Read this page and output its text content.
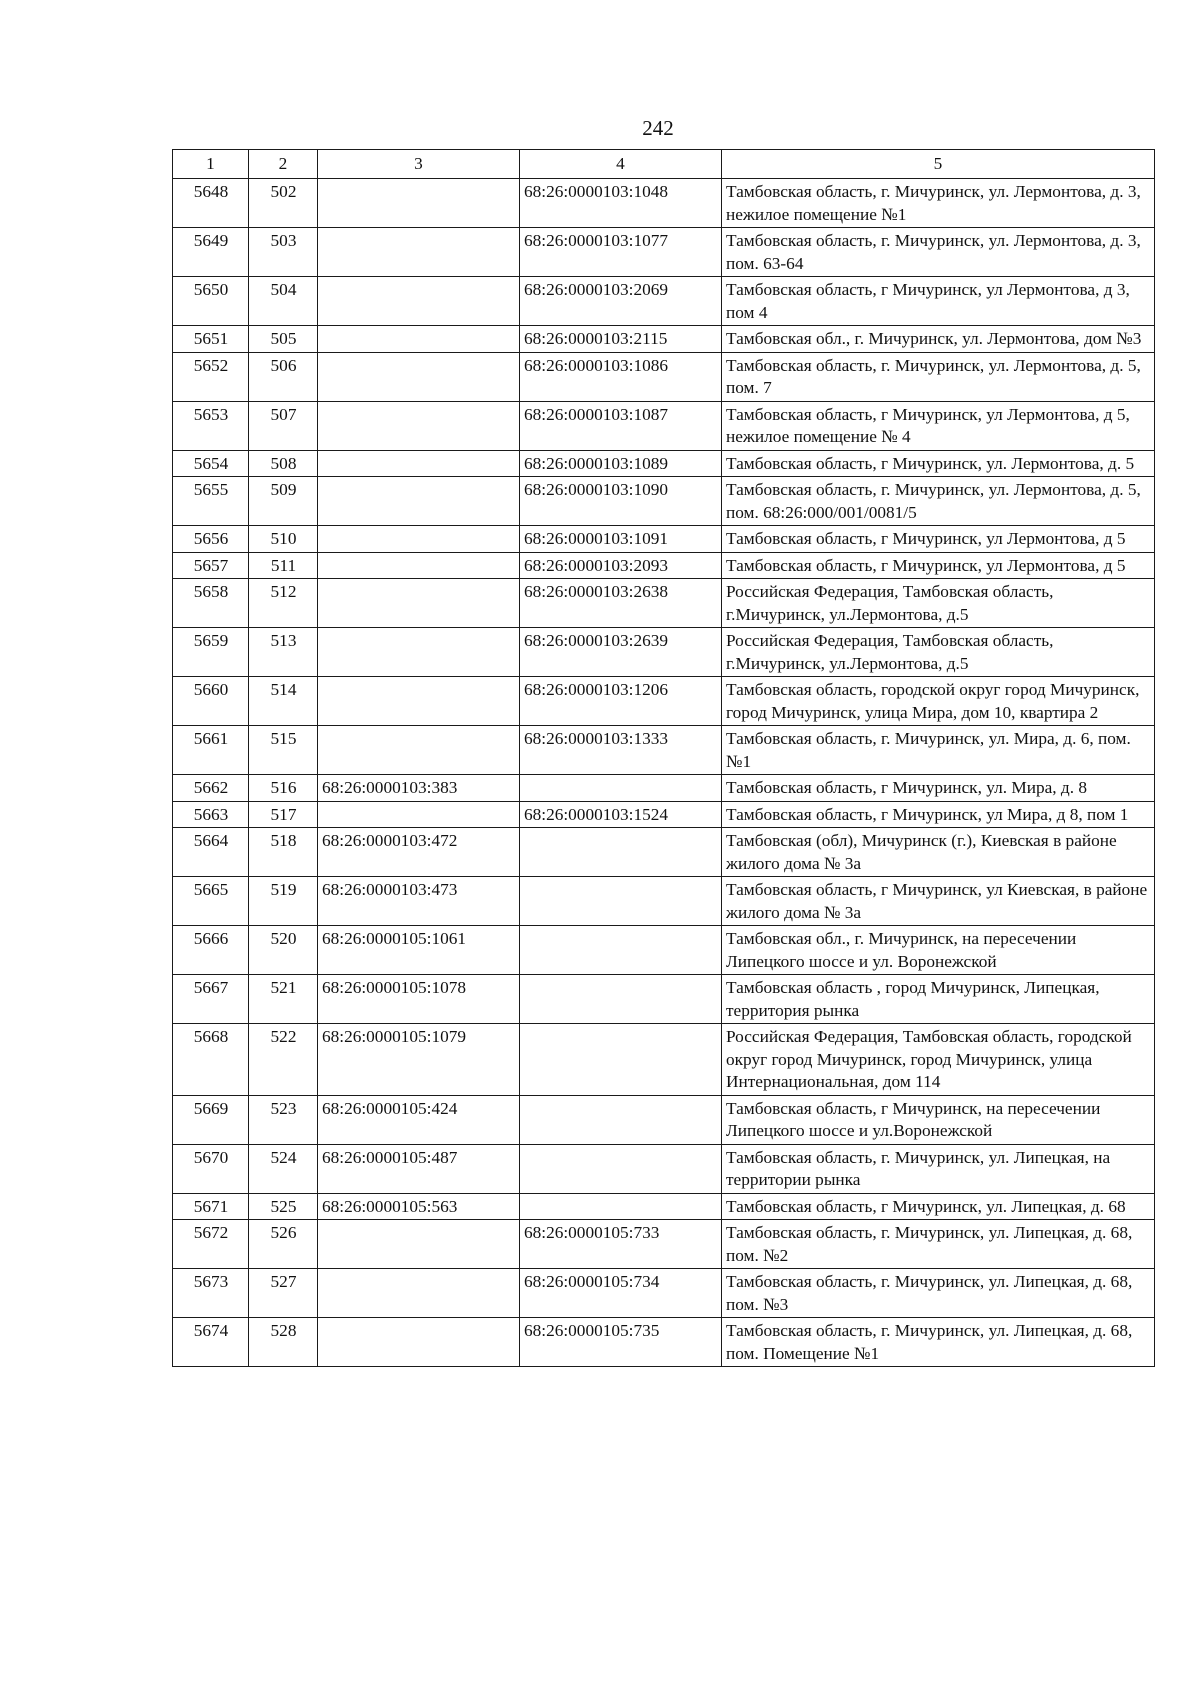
242
1	2	3	4	5
5648	502		68:26:0000103:1048	Тамбовская область, г. Мичуринск, ул. Лермонтова, д. 3, нежилое помещение №1
5649	503		68:26:0000103:1077	Тамбовская область, г. Мичуринск, ул. Лермонтова, д. 3, пом. 63-64
5650	504		68:26:0000103:2069	Тамбовская область, г Мичуринск, ул Лермонтова, д 3, пом 4
5651	505		68:26:0000103:2115	Тамбовская обл., г. Мичуринск, ул. Лермонтова, дом №3
5652	506		68:26:0000103:1086	Тамбовская область, г. Мичуринск, ул. Лермонтова, д. 5, пом. 7
5653	507		68:26:0000103:1087	Тамбовская область, г Мичуринск, ул Лермонтова, д 5, нежилое помещение № 4
5654	508		68:26:0000103:1089	Тамбовская область, г Мичуринск, ул. Лермонтова, д. 5
5655	509		68:26:0000103:1090	Тамбовская область, г. Мичуринск, ул. Лермонтова, д. 5, пом. 68:26:000/001/0081/5
5656	510		68:26:0000103:1091	Тамбовская область, г Мичуринск, ул Лермонтова, д 5
5657	511		68:26:0000103:2093	Тамбовская область, г Мичуринск, ул Лермонтова, д 5
5658	512		68:26:0000103:2638	Российская Федерация, Тамбовская область, г.Мичуринск, ул.Лермонтова, д.5
5659	513		68:26:0000103:2639	Российская Федерация, Тамбовская область, г.Мичуринск, ул.Лермонтова, д.5
5660	514		68:26:0000103:1206	Тамбовская область, городской округ город Мичуринск, город Мичуринск, улица Мира, дом 10, квартира 2
5661	515		68:26:0000103:1333	Тамбовская область, г. Мичуринск, ул. Мира, д. 6, пом. №1
5662	516	68:26:0000103:383		Тамбовская область, г Мичуринск, ул. Мира, д. 8
5663	517		68:26:0000103:1524	Тамбовская область, г Мичуринск, ул Мира, д 8, пом 1
5664	518	68:26:0000103:472		Тамбовская (обл), Мичуринск (г.), Киевская в районе жилого дома № 3а
5665	519	68:26:0000103:473		Тамбовская область, г Мичуринск, ул Киевская, в районе жилого дома № 3а
5666	520	68:26:0000105:1061		Тамбовская обл., г. Мичуринск, на пересечении Липецкого шоссе и ул. Воронежской
5667	521	68:26:0000105:1078		Тамбовская область , город Мичуринск, Липецкая, территория рынка
5668	522	68:26:0000105:1079		Российская Федерация, Тамбовская область, городской округ город Мичуринск, город Мичуринск, улица Интернациональная, дом 114
5669	523	68:26:0000105:424		Тамбовская область, г Мичуринск, на пересечении Липецкого шоссе и ул.Воронежской
5670	524	68:26:0000105:487		Тамбовская область, г. Мичуринск, ул. Липецкая, на территории рынка
5671	525	68:26:0000105:563		Тамбовская область, г Мичуринск, ул. Липецкая, д. 68
5672	526		68:26:0000105:733	Тамбовская область, г. Мичуринск, ул. Липецкая, д. 68, пом. №2
5673	527		68:26:0000105:734	Тамбовская область, г. Мичуринск, ул. Липецкая, д. 68, пом. №3
5674	528		68:26:0000105:735	Тамбовская область, г. Мичуринск, ул. Липецкая, д. 68, пом. Помещение №1
